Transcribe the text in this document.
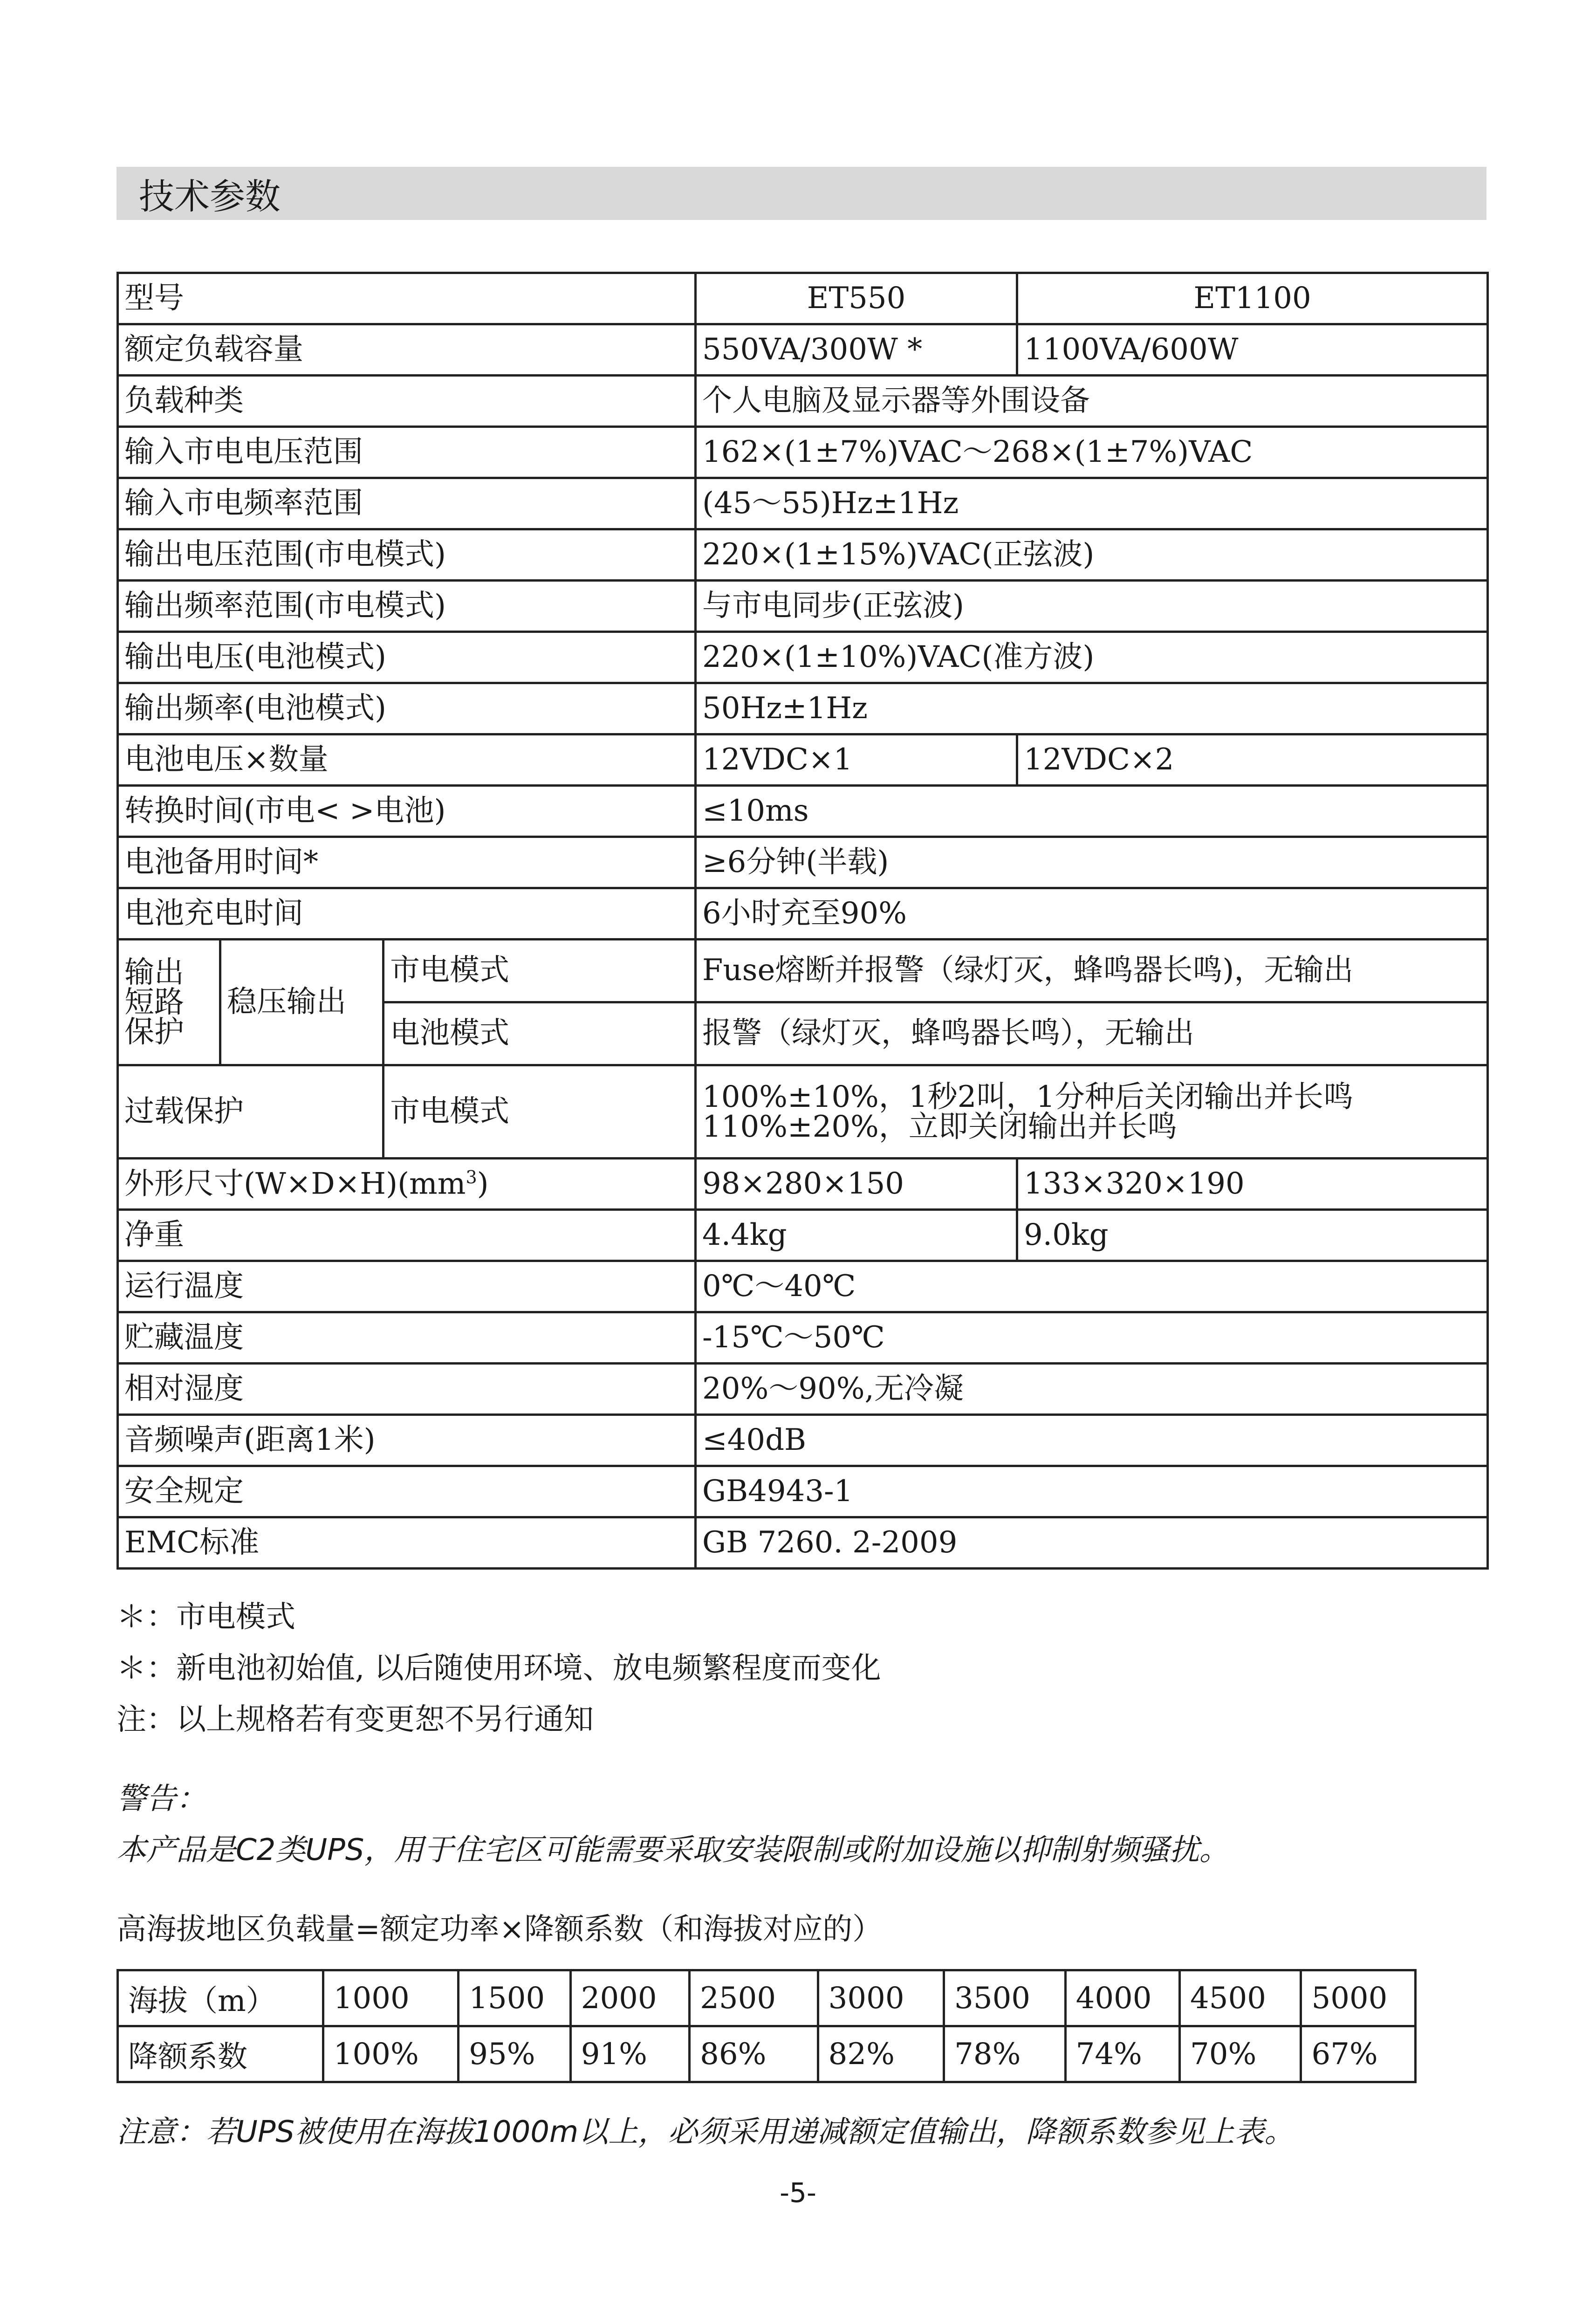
技术参数
型号			ET550	ET1100
额定负载容量			550VA/300W *	1100VA/600W
负载种类			个人电脑及显示器等外围设备	
输入市电电压范围			162×(1±7%)VAC～268×(1±7%)VAC	
输入市电频率范围			(45～55)Hz±1Hz	
输出电压范围(市电模式)			220×(1±15%)VAC(正弦波)	
输出频率范围(市电模式)			与市电同步(正弦波)	
输出电压(电池模式)			220×(1±10%)VAC(准方波)	
输出频率(电池模式)			50Hz±1Hz	
电池电压×数量			12VDC×1	12VDC×2
转换时间(市电< >电池)			≤10ms	
电池备用时间*			≥6分钟(半载)	
电池充电时间			6小时充至90%	
输出短路保护	稳压输出	市电模式	Fuse熔断并报警（绿灯灭，蜂鸣器长鸣)，无输出	
		电池模式	报警（绿灯灭，蜂鸣器长鸣），无输出	
过载保护		市电模式	100%±10%，1秒2叫，1分种后关闭输出并长鸣
110%±20%，立即关闭输出并长鸣	

外形尺寸$(W\times D\times H)(mm^3)$			98×280×150	133×320×190
净重			4.4kg	9.0kg
运行温度			0℃～40℃	
贮藏温度			-15℃～50℃	
相对湿度			20%～90%,无冷凝	
音频噪声(距离1米)			≤40dB	
安全规定			GB4943-1	
EMC标准			GB 7260. 2-2009	
＊：市电模式
＊：新电池初始值, 以后随使用环境、放电频繁程度而变化
注：以上规格若有变更恕不另行通知
警告：
本产品是C2类UPS，用于住宅区可能需要采取安装限制或附加设施以抑制射频骚扰。
高海拔地区负载量=额定功率×降额系数（和海拔对应的）
海拔（m）	1000	1500	2000	2500	3000	3500	4000	4500	5000
降额系数	100%	95%	91%	86%	82%	78%	74%	70%	67%
注意：若UPS被使用在海拔1000m以上，必须采用递减额定值输出，降额系数参见上表。
-5-
